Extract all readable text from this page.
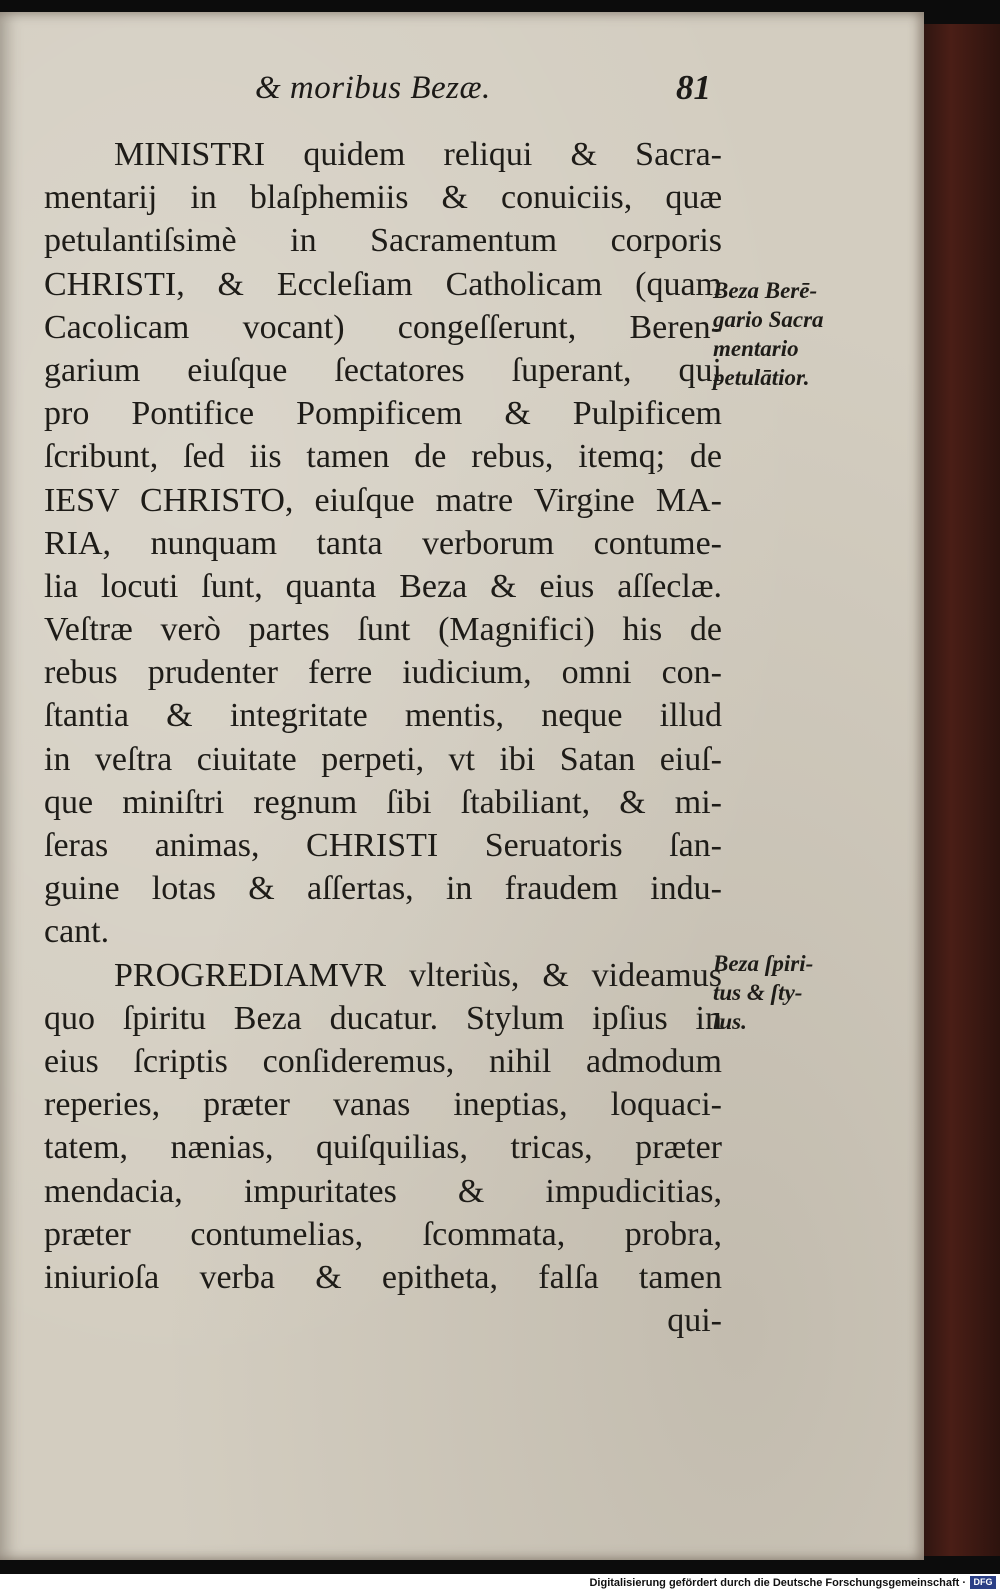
& moribus Bezæ.	81
MINISTRI quidem reliqui & Sacra-
mentarij in blaſphemiis & conuiciis, quæ
petulantiſsimè in Sacramentum corporis
CHRISTI, & Eccleſiam Catholicam (quam
Cacolicam vocant) congeſſerunt, Beren-
garium eiuſque ſectatores ſuperant, qui
pro Pontifice Pompificem & Pulpificem
ſcribunt, ſed iis tamen de rebus, itemq; de
IESV CHRISTO, eiuſque matre Virgine MA-
RIA, nunquam tanta verborum contume-
lia locuti ſunt, quanta Beza & eius aſſeclæ.
Veſtræ verò partes ſunt (Magnifici) his de
rebus prudenter ferre iudicium, omni con-
ſtantia & integritate mentis, neque illud
in veſtra ciuitate perpeti, vt ibi Satan eiuſ-
que miniſtri regnum ſibi ſtabiliant, & mi-
ſeras animas, CHRISTI Seruatoris ſan-
guine lotas & aſſertas, in fraudem indu-
cant.
PROGREDIAMVR vlteriùs, & videamus
quo ſpiritu Beza ducatur. Stylum ipſius in
eius ſcriptis conſideremus, nihil admodum
reperies, præter vanas ineptias, loquaci-
tatem, nænias, quiſquilias, tricas, præter
mendacia, impuritates & impudicitias,
præter contumelias, ſcommata, probra,
iniurioſa verba & epitheta, falſa tamen
qui-
Beza Berē-
gario Sacra
mentario
petulātior.
Beza ſpiri-
tus & ſty-
lus.
Digitalisierung gefördert durch die Deutsche Forschungsgemeinschaft · DFG
